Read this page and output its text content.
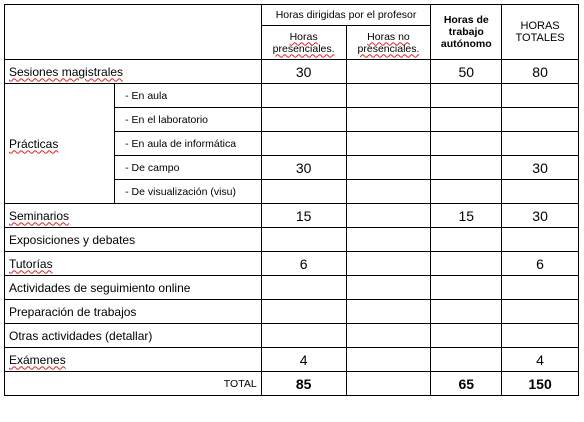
		Horas dirigidas por el profesor		Horas de trabajo autónomo	HORAS TOTALES
		Horas presenciales.	Horas no presenciales.		
Sesiones magistrales		30		50	80
Prácticas	- En aula				
	- En el laboratorio				
	- En aula de informática				
	- De campo	30			30
	- De visualización (visu)				
Seminarios		15		15	30
Exposiciones y debates					
Tutorías		6			6
Actividades de seguimiento online					
Preparación de trabajos					
Otras actividades (detallar)					
Exámenes		4			4
TOTAL		85		65	150
